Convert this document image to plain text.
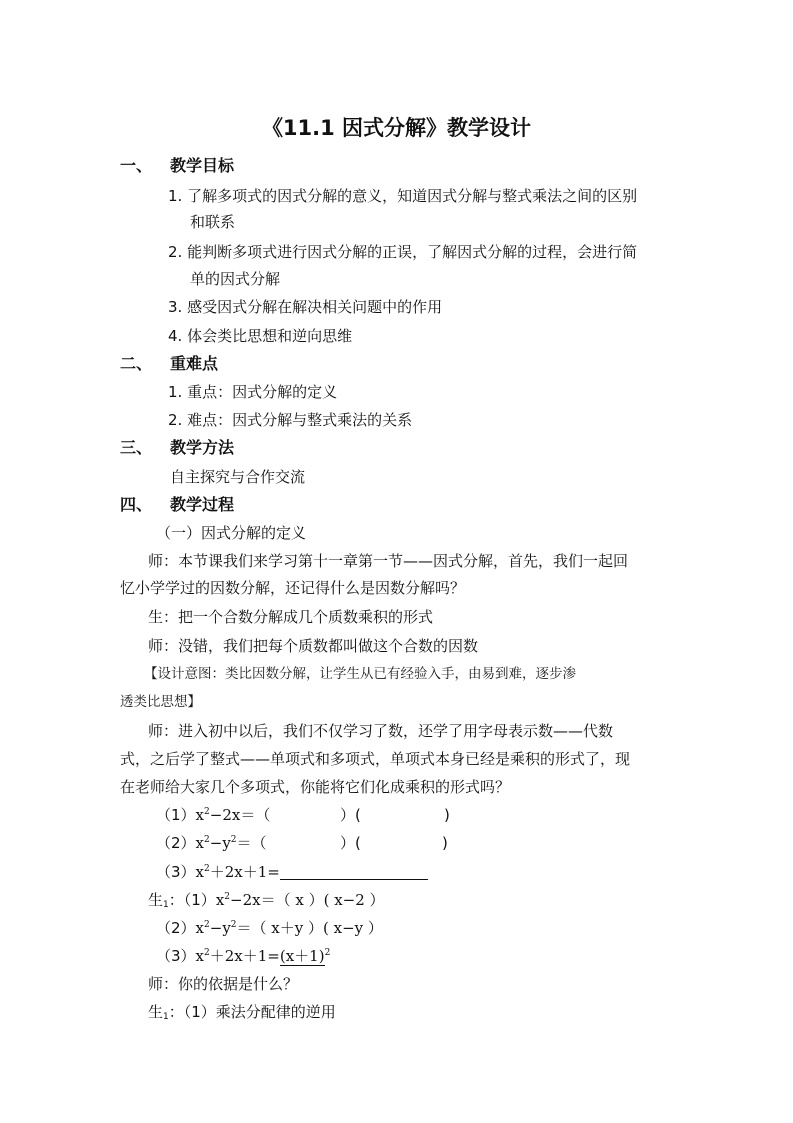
《11.1 因式分解》教学设计
一、 教学目标
1. 了解多项式的因式分解的意义，知道因式分解与整式乘法之间的区别
和联系
2. 能判断多项式进行因式分解的正误，了解因式分解的过程，会进行简
单的因式分解
3. 感受因式分解在解决相关问题中的作用
4. 体会类比思想和逆向思维
二、 重难点
1. 重点：因式分解的定义
2. 难点：因式分解与整式乘法的关系
三、 教学方法
自主探究与合作交流
四、 教学过程
（一）因式分解的定义
师：本节课我们来学习第十一章第一节——因式分解，首先，我们一起回
忆小学学过的因数分解，还记得什么是因数分解吗？
生：把一个合数分解成几个质数乘积的形式
师：没错，我们把每个质数都叫做这个合数的因数
【设计意图：类比因数分解，让学生从已有经验入手，由易到难，逐步渗
透类比思想】
师：进入初中以后，我们不仅学习了数，还学了用字母表示数——代数
式，之后学了整式——单项式和多项式，单项式本身已经是乘积的形式了，现
在老师给大家几个多项式，你能将它们化成乘积的形式吗？
$(1)x^2-2x=$（	）(	)
$(2)x^2-y^2=$（	）(	)
$(3)x^2+2x+1=$
生$_1$：$(1)x^2-2x=$（ x ）( x−2 ）
$(2)x^2-y^2=$（ x＋y ）( x−y ）
$(3)x^2+2x+1=(x+1)^2$
师：你的依据是什么？
生$_1$：（1）乘法分配律的逆用
